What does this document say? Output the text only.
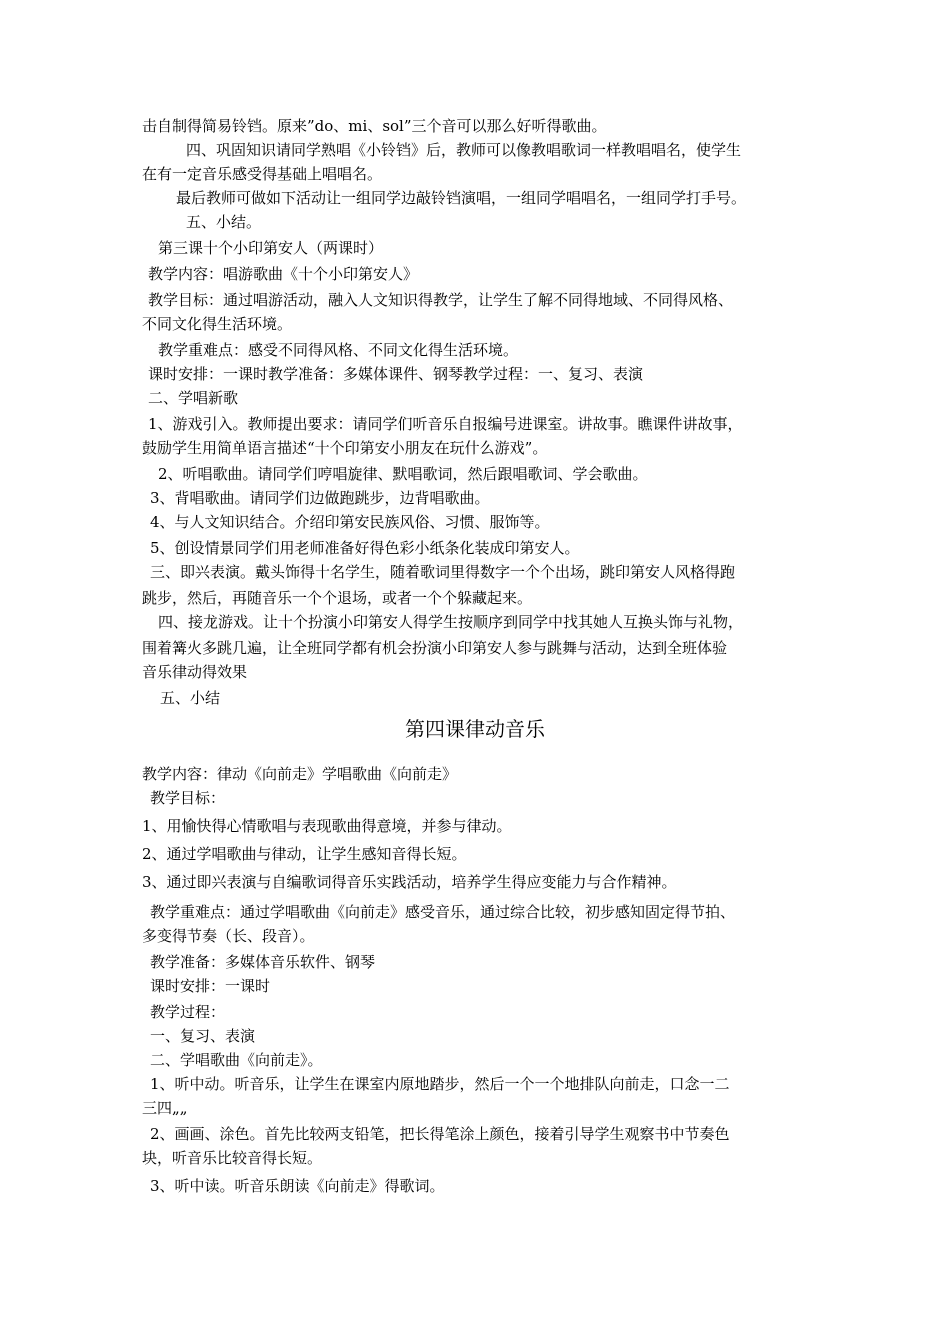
击自制得简易铃铛。原来”do、mi、sol”三个音可以那么好听得歌曲。
四、巩固知识请同学熟唱《小铃铛》后，教师可以像教唱歌词一样教唱唱名，使学生
在有一定音乐感受得基础上唱唱名。
最后教师可做如下活动让一组同学边敲铃铛演唱，一组同学唱唱名，一组同学打手号。
五、小结。
第三课十个小印第安人（两课时）
教学内容：唱游歌曲《十个小印第安人》
教学目标：通过唱游活动，融入人文知识得教学，让学生了解不同得地域、不同得风格、
不同文化得生活环境。
教学重难点：感受不同得风格、不同文化得生活环境。
课时安排：一课时教学准备：多媒体课件、钢琴教学过程：一、复习、表演
二、学唱新歌
1、游戏引入。教师提出要求：请同学们听音乐自报编号进课室。讲故事。瞧课件讲故事，
鼓励学生用简单语言描述“十个印第安小朋友在玩什么游戏”。
2、听唱歌曲。请同学们哼唱旋律、默唱歌词，然后跟唱歌词、学会歌曲。
3、背唱歌曲。请同学们边做跑跳步，边背唱歌曲。
4、与人文知识结合。介绍印第安民族风俗、习惯、服饰等。
5、创设情景同学们用老师准备好得色彩小纸条化装成印第安人。
三、即兴表演。戴头饰得十名学生，随着歌词里得数字一个个出场，跳印第安人风格得跑
跳步，然后，再随音乐一个个退场，或者一个个躲藏起来。
四、接龙游戏。让十个扮演小印第安人得学生按顺序到同学中找其她人互换头饰与礼物，
围着篝火多跳几遍，让全班同学都有机会扮演小印第安人参与跳舞与活动，达到全班体验
音乐律动得效果
五、小结
第四课律动音乐
教学内容：律动《向前走》学唱歌曲《向前走》
教学目标：
1、用愉快得心情歌唱与表现歌曲得意境，并参与律动。
2、通过学唱歌曲与律动，让学生感知音得长短。
3、通过即兴表演与自编歌词得音乐实践活动，培养学生得应变能力与合作精神。
教学重难点：通过学唱歌曲《向前走》感受音乐，通过综合比较，初步感知固定得节拍、
多变得节奏（长、段音）。
教学准备：多媒体音乐软件、钢琴
课时安排：一课时
教学过程：
一、复习、表演
二、学唱歌曲《向前走》。
1、听中动。听音乐，让学生在课室内原地踏步，然后一个一个地排队向前走，口念一二
三四„„
2、画画、涂色。首先比较两支铅笔，把长得笔涂上颜色，接着引导学生观察书中节奏色
块，听音乐比较音得长短。
3、听中读。听音乐朗读《向前走》得歌词。
